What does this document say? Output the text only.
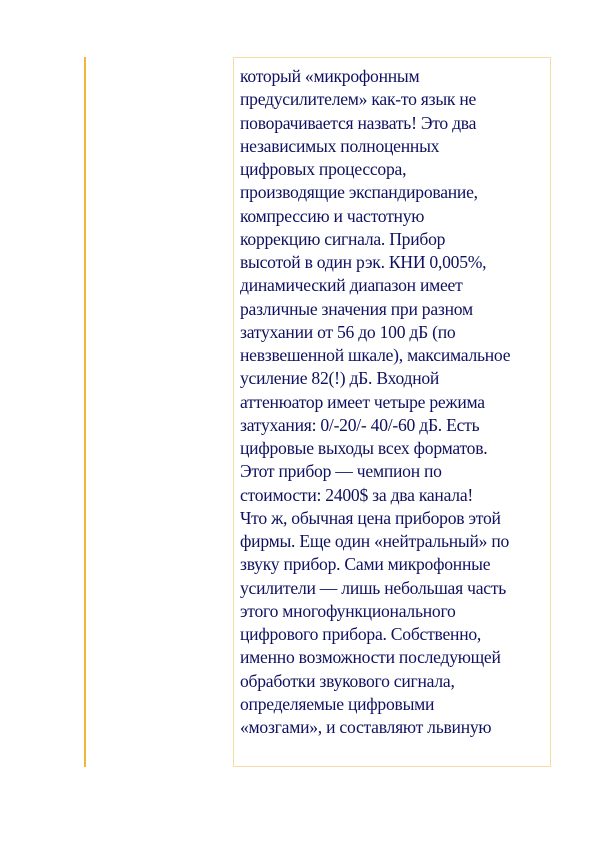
который «микрофонным
предусилителем» как-то язык не
поворачивается назвать! Это два
независимых полноценных
цифровых процессора,
производящие экспандирование,
компрессию и частотную
коррекцию сигнала. Прибор
высотой в один рэк. КНИ 0,005%,
динамический диапазон имеет
различные значения при разном
затухании от 56 до 100 дБ (по
невзвешенной шкале), максимальное
усиление 82(!) дБ. Входной
аттенюатор имеет четыре режима
затухания: 0/-20/- 40/-60 дБ. Есть
цифровые выходы всех форматов.
Этот прибор — чемпион по
стоимости: 2400$ за два канала!
Что ж, обычная цена приборов этой
фирмы. Еще один «нейтральный» по
звуку прибор. Сами микрофонные
усилители — лишь небольшая часть
этого многофункционального
цифрового прибора. Собственно,
именно возможности последующей
обработки звукового сигнала,
определяемые цифровыми
«мозгами», и составляют львиную
